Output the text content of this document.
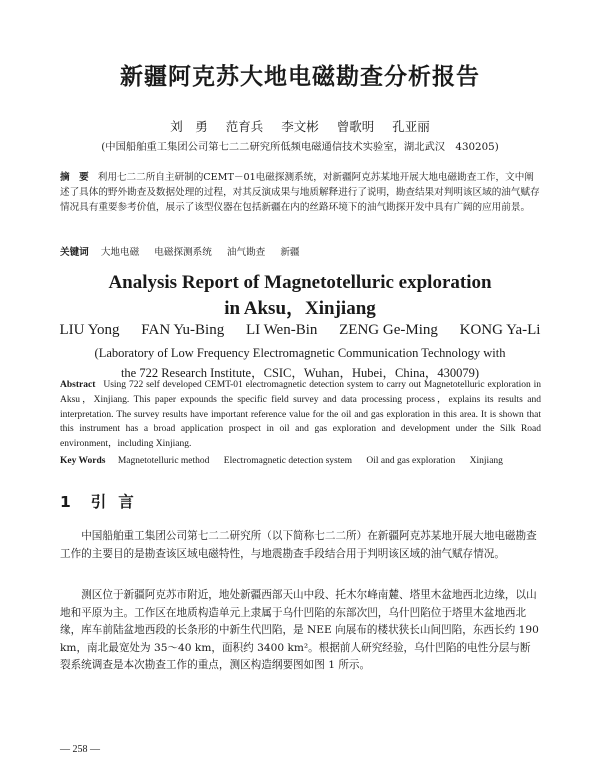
新疆阿克苏大地电磁勘查分析报告

刘　勇 范育兵 李文彬 曾歌明 孔亚丽

(中国船舶重工集团公司第七二二研究所低频电磁通信技术实验室，湖北武汉　430205)

摘　要 利用七二二所自主研制的CEMT－01电磁探测系统，对新疆阿克苏某地开展大地电磁勘查工作，文中阐述了具体的野外勘查及数据处理的过程，对其反演成果与地质解释进行了说明，勘查结果对判明该区域的油气赋存情况具有重要参考价值，展示了该型仪器在包括新疆在内的丝路环境下的油气勘探开发中具有广阔的应用前景。

关键词 大地电磁 电磁探测系统 油气勘查 新疆

Analysis Report of Magnetotelluric exploration
in Aksu，Xinjiang

LIU Yong FAN Yu-Bing LI Wen-Bin ZENG Ge-Ming KONG Ya-Li

(Laboratory of Low Frequency Electromagnetic Communication Technology with
the 722 Research Institute，CSIC，Wuhan，Hubei，China，430079)

Abstract Using 722 self developed CEMT-01 electromagnetic detection system to carry out Magnetotelluric exploration in Aksu，Xinjiang. This paper expounds the specific field survey and data processing process，explains its results and interpretation. The survey results have important reference value for the oil and gas exploration in this area. It is shown that this instrument has a broad application prospect in oil and gas exploration and development under the Silk Road environment，including Xinjiang.

Key Words Magnetotelluric method Electromagnetic detection system Oil and gas exploration Xinjiang

1 引言

中国船舶重工集团公司第七二二研究所（以下简称七二二所）在新疆阿克苏某地开展大地电磁勘查工作的主要目的是勘查该区域电磁特性，与地震勘查手段结合用于判明该区域的油气赋存情况。

测区位于新疆阿克苏市附近，地处新疆西部天山中段、托木尔峰南麓、塔里木盆地西北边缘，以山地和平原为主。工作区在地质构造单元上隶属于乌什凹陷的东部次凹，乌什凹陷位于塔里木盆地西北缘，库车前陆盆地西段的长条形的中新生代凹陷，是 NEE 向展布的楼状狭长山间凹陷，东西长约 190 km，南北最宽处为 35～40 km，面积约 3400 km²。根据前人研究经验，乌什凹陷的电性分层与断裂系统调查是本次勘查工作的重点，测区构造纲要图如图 1 所示。

— 258 —
